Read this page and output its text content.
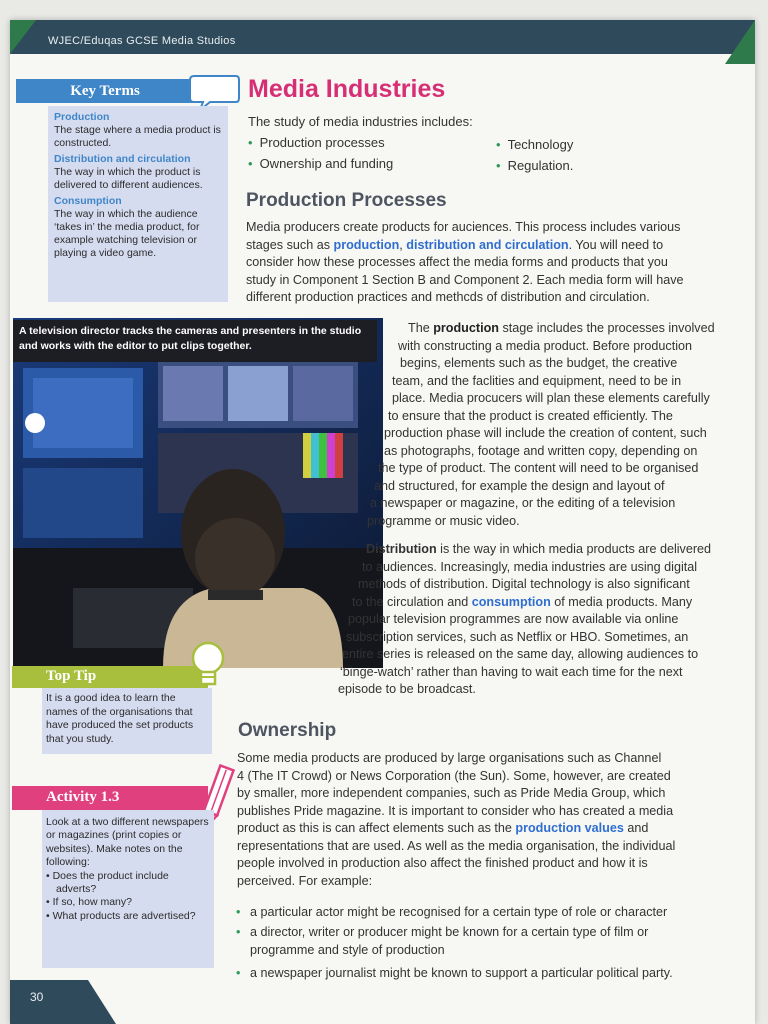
WJEC/Eduqas GCSE Media Studios
Key Terms
Production
The stage where a media product is constructed.
Distribution and circulation
The way in which the product is delivered to different audiences.
Consumption
The way in which the audience ‘takes in’ the media product, for example watching television or playing a video game.
Media Industries
The study of media industries includes:
• Production processes
• Ownership and funding
• Technology
• Regulation.
Production Processes
Media producers create products for auciences. This process includes various
stages such as production, distribution and circulation. You will need to
consider how these processes affect the media forms and products that you
study in Component 1 Section B and Component 2. Each media form will have
different production practices and methcds of distribution and circulation.
A television director tracks the cameras and presenters in the studio and works with the editor to put clips together.
The production stage includes the processes involved
with constructing a media product. Before production
begins, elements such as the budget, the creative
team, and the faclities and equipment, need to be in
place. Media procucers will plan these elements carefully
to ensure that the product is created efficiently. The
production phase will include the creation of content, such
as photographs, footage and written copy, depending on
the type of product. The content will need to be organised
and structured, for example the design and layout of
a newspaper or magazine, or the editing of a television
programme or music video.
Distribution is the way in which media products are delivered
to audiences. Increasingly, media industries are using digital
methods of distribution. Digital technology is also significant
to the circulation and consumption of media products. Many
popular television programmes are now available via online
subscription services, such as Netflix or HBO. Sometimes, an
entire series is released on the same day, allowing audiences to
‘binge-watch’ rather than having to wait each time for the next
episode to be broadcast.
Top Tip
It is a good idea to learn the names of the organisations that have produced the set products that you study.
Activity 1.3
Look at a two different newspapers or magazines (print copies or websites). Make notes on the following:
• Does the product include adverts?
• If so, how many?
• What products are advertised?
Ownership
Some media products are produced by large organisations such as Channel
4 (The IT Crowd) or News Corporation (the Sun). Some, however, are created
by smaller, more independent companies, such as Pride Media Group, which
publishes Pride magazine. It is important to consider who has created a media
product as this is can affect elements such as the production values and
representations that are used. As well as the media organisation, the individual
people involved in production also affect the finished product and how it is
perceived. For example:
• a particular actor might be recognised for a certain type of role or character
• a director, writer or producer might be known for a certain type of film or
programme and style of production
• a newspaper journalist might be known to support a particular political party.
30
